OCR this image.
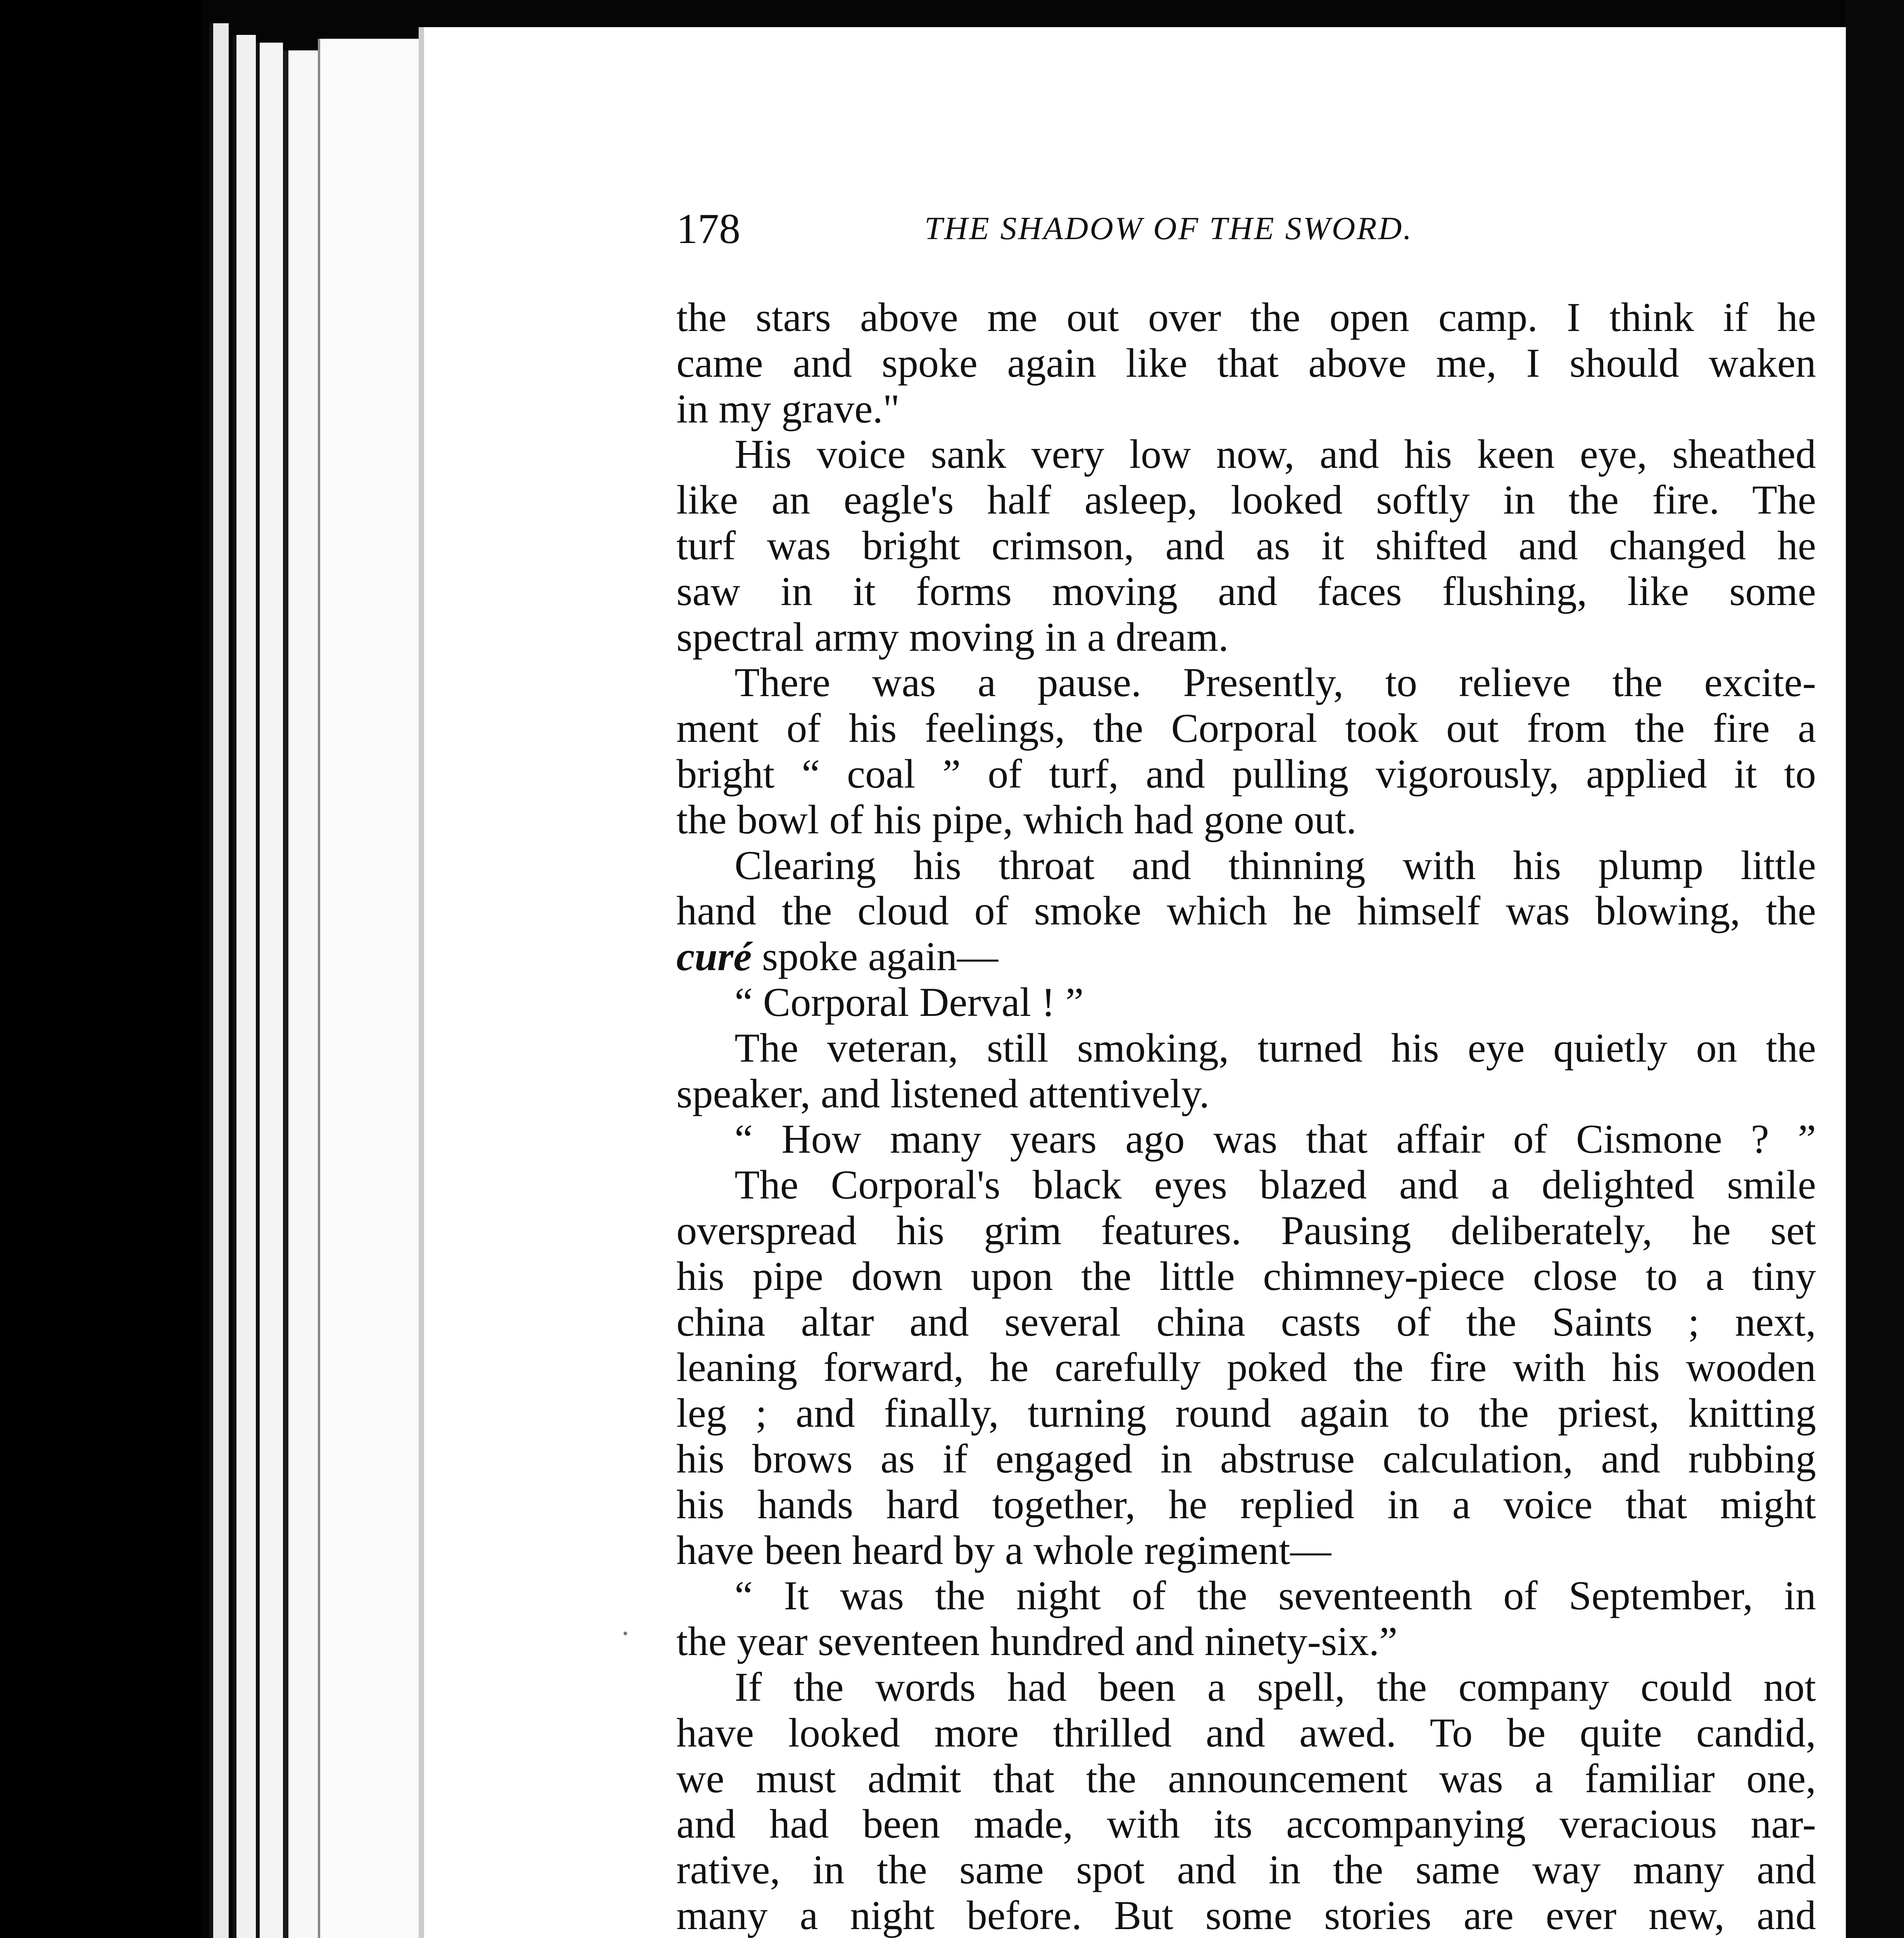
178	THE SHADOW OF THE SWORD.
the stars above me out over the open camp. I think if he
came and spoke again like that above me, I should waken
in my grave."
His voice sank very low now, and his keen eye, sheathed
like an eagle's half asleep, looked softly in the fire. The
turf was bright crimson, and as it shifted and changed he
saw in it forms moving and faces flushing, like some
spectral army moving in a dream.
There was a pause. Presently, to relieve the excite-
ment of his feelings, the Corporal took out from the fire a
bright “ coal ” of turf, and pulling vigorously, applied it to
the bowl of his pipe, which had gone out.
Clearing his throat and thinning with his plump little
hand the cloud of smoke which he himself was blowing, the
curé spoke again—
“ Corporal Derval ! ”
The veteran, still smoking, turned his eye quietly on the
speaker, and listened attentively.
“ How many years ago was that affair of Cismone ? ”
The Corporal's black eyes blazed and a delighted smile
overspread his grim features. Pausing deliberately, he set
his pipe down upon the little chimney-piece close to a tiny
china altar and several china casts of the Saints ; next,
leaning forward, he carefully poked the fire with his wooden
leg ; and finally, turning round again to the priest, knitting
his brows as if engaged in abstruse calculation, and rubbing
his hands hard together, he replied in a voice that might
have been heard by a whole regiment—
“ It was the night of the seventeenth of September, in
the year seventeen hundred and ninety-six.”
If the words had been a spell, the company could not
have looked more thrilled and awed. To be quite candid,
we must admit that the announcement was a familiar one,
and had been made, with its accompanying veracious nar-
rative, in the same spot and in the same way many and
many a night before. But some stories are ever new, and
·
